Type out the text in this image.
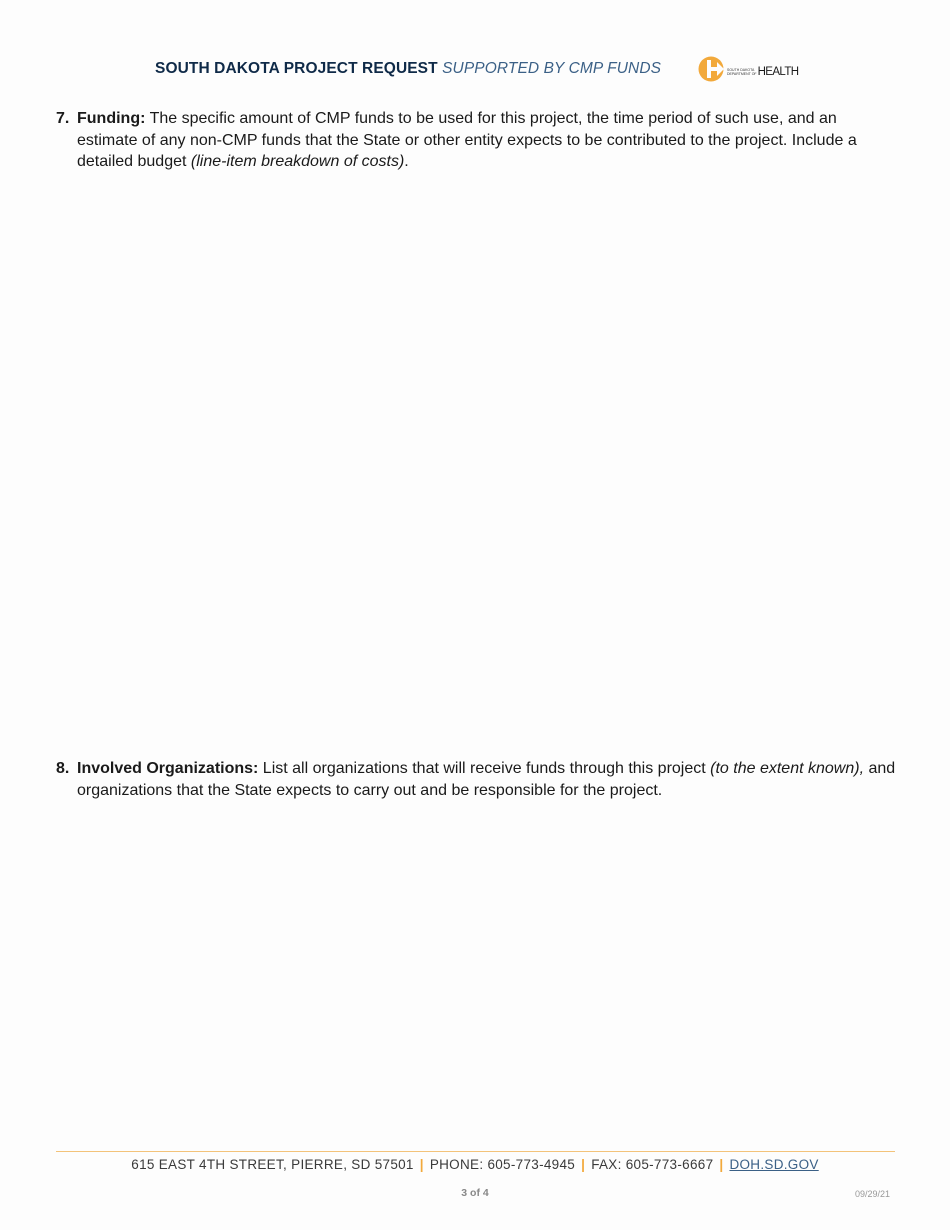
SOUTH DAKOTA PROJECT REQUEST SUPPORTED BY CMP FUNDS	SOUTH DAKOTA
DEPARTMENT OF HEALTH
7. Funding: The specific amount of CMP funds to be used for this project, the time period of such use, and an estimate of any non-CMP funds that the State or other entity expects to be contributed to the project. Include a detailed budget (line-item breakdown of costs).
8. Involved Organizations: List all organizations that will receive funds through this project (to the extent known), and organizations that the State expects to carry out and be responsible for the project.
615 EAST 4TH STREET, PIERRE, SD 57501 | PHONE: 605-773-4945 | FAX: 605-773-6667 | DOH.SD.GOV
3 of 4	09/29/21
